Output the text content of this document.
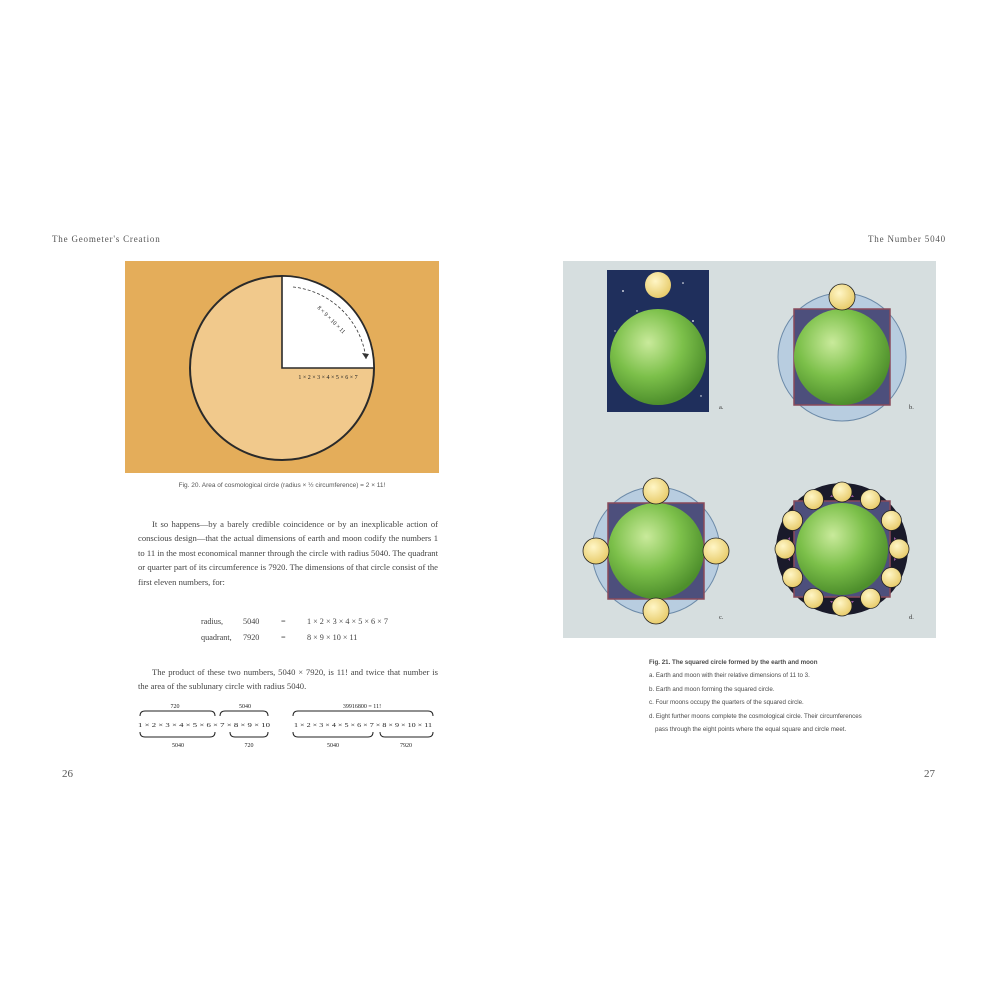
The Geometer's Creation	The Number 5040
8 × 9 × 10 × 11
1 × 2 × 3 × 4 × 5 × 6 × 7
Fig. 20. Area of cosmological circle (radius × ½ circumference) = 2 × 11!
It so happens—by a barely credible coincidence or by an inexplicable action of conscious design—that the actual dimensions of earth and moon codify the numbers 1 to 11 in the most economical manner through the circle with radius 5040. The quadrant or quarter part of its circumference is 7920. The dimensions of that circle consist of the first eleven numbers, for:
radius, 5040	=	1 × 2 × 3 × 4 × 5 × 6 × 7
quadrant, 7920	=	8 × 9 × 10 × 11
The product of these two numbers, 5040 × 7920, is 11! and twice that number is the area of the sublunary circle with radius 5040.
720	5040	39916800 = 11!
1 × 2 × 3 × 4 × 5 × 6 × 7 × 8 × 9 × 10	1 × 2 × 3 × 4 × 5 × 6 × 7 × 8 × 9 × 10 × 11
5040	720	5040	7920
a.	b.
c.	d.
Fig. 21. The squared circle formed by the earth and moon
a. Earth and moon with their relative dimensions of 11 to 3.
b. Earth and moon forming the squared circle.
c. Four moons occupy the quarters of the squared circle.
d. Eight further moons complete the cosmological circle. Their circumferences
pass through the eight points where the equal square and circle meet.
26	27
